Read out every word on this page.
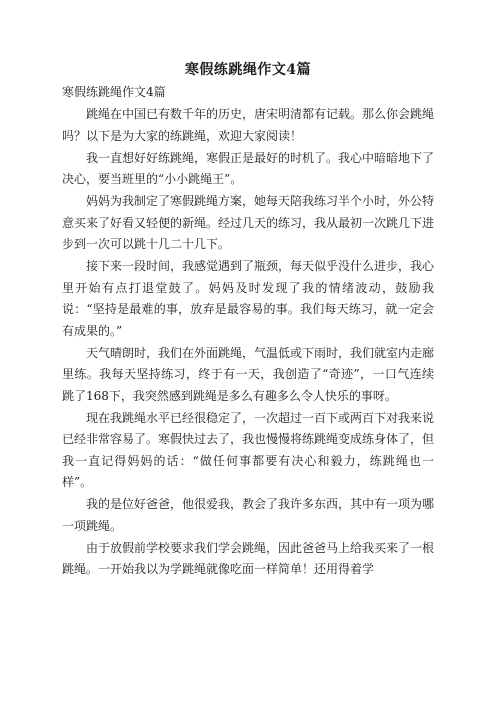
寒假练跳绳作文4篇
寒假练跳绳作文4篇

跳绳在中国已有数千年的历史，唐宋明清都有记载。那么你会跳绳吗？以下是为大家的练跳绳，欢迎大家阅读！

我一直想好好练跳绳，寒假正是最好的时机了。我心中暗暗地下了决心，要当班里的“小小跳绳王”。

妈妈为我制定了寒假跳绳方案，她每天陪我练习半个小时，外公特意买来了好看又轻便的新绳。经过几天的练习，我从最初一次跳几下进步到一次可以跳十几二十几下。

接下来一段时间，我感觉遇到了瓶颈，每天似乎没什么进步，我心里开始有点打退堂鼓了。妈妈及时发现了我的情绪波动，鼓励我说：“坚持是最难的事，放弃是最容易的事。我们每天练习，就一定会有成果的。”

天气晴朗时，我们在外面跳绳，气温低或下雨时，我们就室内走廊里练。我每天坚持练习，终于有一天，我创造了“奇迹”，一口气连续跳了168下，我突然感到跳绳是多么有趣多么令人快乐的事呀。

现在我跳绳水平已经很稳定了，一次超过一百下或两百下对我来说已经非常容易了。寒假快过去了，我也慢慢将练跳绳变成练身体了，但我一直记得妈妈的话：“做任何事都要有决心和毅力，练跳绳也一样”。

我的是位好爸爸，他很爱我，教会了我许多东西，其中有一项为哪一项跳绳。

由于放假前学校要求我们学会跳绳，因此爸爸马上给我买来了一根跳绳。一开始我以为学跳绳就像吃面一样简单！还用得着学
